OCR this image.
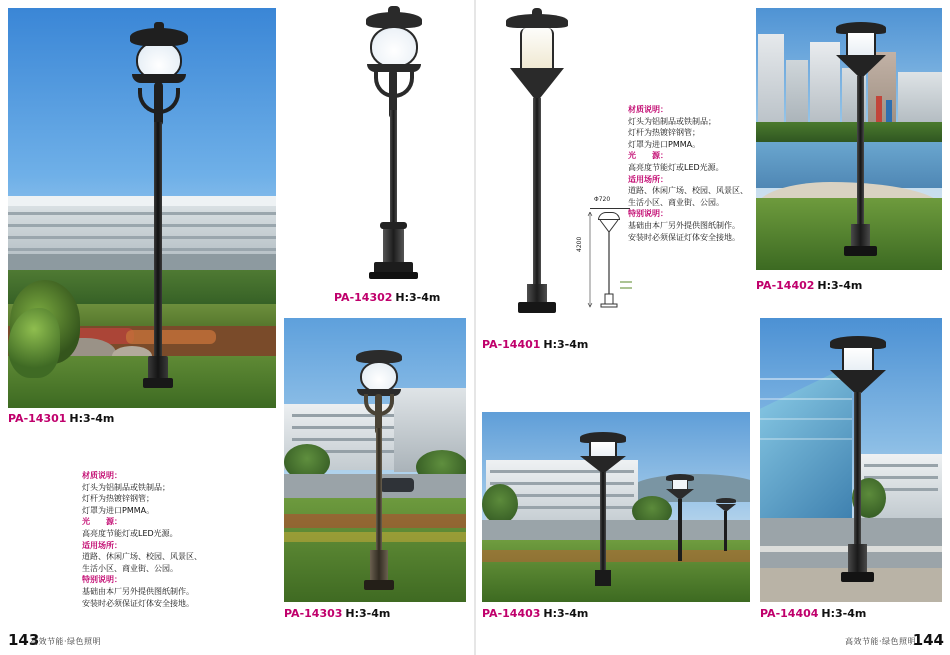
PA-14301 H:3-4m
材质说明：
灯头为铝制品或铁制品；
灯杆为热镀锌钢管；
灯罩为进口PMMA。
光　　源：
高亮度节能灯或LED光源。
适用场所：
道路、休闲广场、校园、风景区、
生活小区、商业街、公园。
特别说明：
基础由本厂另外提供图纸制作。
安装时必须保证灯体安全接地。
PA-14302 H:3-4m
PA-14303 H:3-4m
PA-14401 H:3-4m
Φ720
4200
材质说明：
灯头为铝制品或铁制品；
灯杆为热镀锌钢管；
灯罩为进口PMMA。
光　　源：
高亮度节能灯或LED光源。
适用场所：
道路、休闲广场、校园、风景区、
生活小区、商业街、公园。
特别说明：
基础由本厂另外提供图纸制作。
安装时必须保证灯体安全接地。
PA-14402 H:3-4m
PA-14403 H:3-4m	PA-14404 H:3-4m
143
高效节能·绿色照明	高效节能·绿色照明
144
